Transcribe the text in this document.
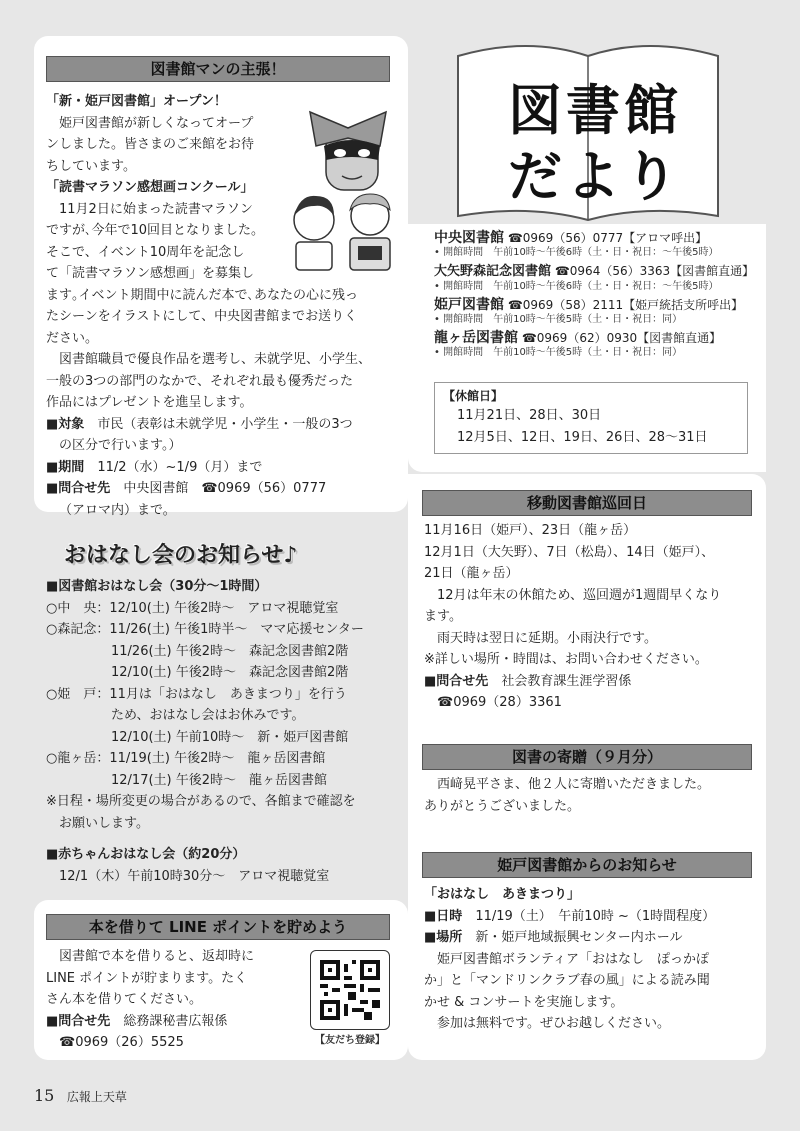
図書館マンの主張！
「新・姫戸図書館」オープン！
姫戸図書館が新しくなってオープ
ンしました。皆さまのご来館をお待
ちしています。
「読書マラソン感想画コンクール」
11月2日に始まった読書マラソン
ですが､今年で10回目となりました。
そこで、イベント10周年を記念し
て「読書マラソン感想画」を募集し
ます｡イベント期間中に読んだ本で､あなたの心に残っ
たシーンをイラストにして、中央図書館までお送りく
ださい。
図書館職員で優良作品を選考し、未就学児、小学生、
一般の3つの部門のなかで、それぞれ最も優秀だった
作品にはプレゼントを進呈します。
■ 対象　 市民（表彰は未就学児・小学生・一般の3つ
の区分で行います。）
■ 期間　 11/2（水）~1/9（月）まで
■ 問合せ先　 中央図書館　☎0969（56）0777
（アロマ内）まで。
おはなし会のお知らせ♪
■ 図書館おはなし会（30分～1時間）
○中　央：12/10(土) 午後2時～　アロマ視聴覚室
○森記念：11/26(土) 午後1時半～　ママ応援センター
　　　　　11/26(土) 午後2時～　森記念図書館2階
　　　　　12/10(土) 午後2時～　森記念図書館2階
○姫　戸：11月は「おはなし　あきまつり」を行う
　　　　　ため、おはなし会はお休みです。
　　　　　12/10(土) 午前10時～　新・姫戸図書館
○龍ヶ岳：11/19(土) 午後2時～　龍ヶ岳図書館
　　　　　12/17(土) 午後2時～　龍ヶ岳図書館
※日程・場所変更の場合があるので、各館まで確認を
お願いします。
■ 赤ちゃんおはなし会（約20分）
12/1（木）午前10時30分～　アロマ視聴覚室
本を借りて LINE ポイントを貯めよう
図書館で本を借りると、返却時に
LINE ポイントが貯まります。たく
さん本を借りてください。
■ 問合せ先　 総務課秘書広報係
☎0969（26）5525	【友だち登録】
図書館
だより
中央図書館 ☎0969（56）0777【アロマ呼出】
• 開館時間　午前10時～午後6時（土・日・祝日：～午後5時）
大矢野森記念図書館 ☎0964（56）3363【図書館直通】
• 開館時間　午前10時～午後6時（土・日・祝日：～午後5時）
姫戸図書館 ☎0969（58）2111【姫戸統括支所呼出】
• 開館時間　午前10時～午後5時（土・日・祝日：同）
龍ヶ岳図書館 ☎0969（62）0930【図書館直通】
• 開館時間　午前10時～午後5時（土・日・祝日：同）
【休館日】
11月21日、28日、30日
12月5日、12日、19日、26日、28～31日
移動図書館巡回日
11月16日（姫戸）、23日（龍ヶ岳）
12月1日（大矢野）、7日（松島）、14日（姫戸）、
21日（龍ヶ岳）
12月は年末の休館ため、巡回週が1週間早くなり
ます。
雨天時は翌日に延期。小雨決行です。
※詳しい場所・時間は、お問い合わせください。
■ 問合せ先　 社会教育課生涯学習係
☎0969（28）3361
図書の寄贈（９月分）
西﨑晃平さま、他２人に寄贈いただきました。
ありがとうございました。
姫戸図書館からのお知らせ
「おはなし　あきまつり」
■ 日時　 11/19（土）　午前10時 ~（1時間程度）
■ 場所　 新・姫戸地域振興センター内ホール
姫戸図書館ボランティア「おはなし　ぽっかぽ
か」と「マンドリンクラブ春の風」による読み聞
かせ & コンサートを実施します。
参加は無料です。ぜひお越しください。
15 広報上天草
